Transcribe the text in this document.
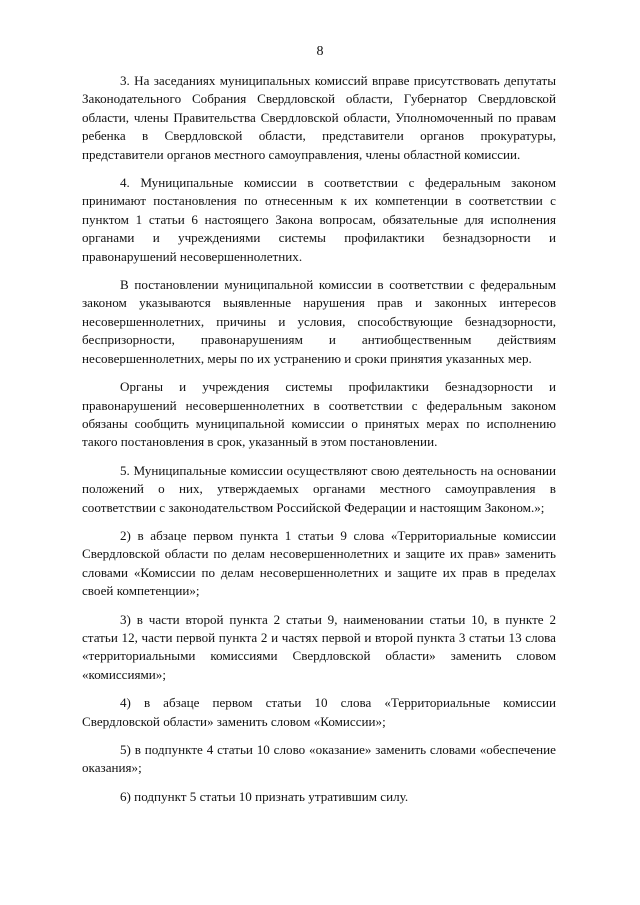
8

3. На заседаниях муниципальных комиссий вправе присутствовать депутаты Законодательного Собрания Свердловской области, Губернатор Свердловской области, члены Правительства Свердловской области, Уполномоченный по правам ребенка в Свердловской области, представители органов прокуратуры, представители органов местного самоуправления, члены областной комиссии.

4. Муниципальные комиссии в соответствии с федеральным законом принимают постановления по отнесенным к их компетенции в соответствии с пунктом 1 статьи 6 настоящего Закона вопросам, обязательные для исполнения органами и учреждениями системы профилактики безнадзорности и правонарушений несовершеннолетних.

В постановлении муниципальной комиссии в соответствии с федеральным законом указываются выявленные нарушения прав и законных интересов несовершеннолетних, причины и условия, способствующие безнадзорности, беспризорности, правонарушениям и антиобщественным действиям несовершеннолетних, меры по их устранению и сроки принятия указанных мер.

Органы и учреждения системы профилактики безнадзорности и правонарушений несовершеннолетних в соответствии с федеральным законом обязаны сообщить муниципальной комиссии о принятых мерах по исполнению такого постановления в срок, указанный в этом постановлении.

5. Муниципальные комиссии осуществляют свою деятельность на основании положений о них, утверждаемых органами местного самоуправления в соответствии с законодательством Российской Федерации и настоящим Законом.»;

2) в абзаце первом пункта 1 статьи 9 слова «Территориальные комиссии Свердловской области по делам несовершеннолетних и защите их прав» заменить словами «Комиссии по делам несовершеннолетних и защите их прав в пределах своей компетенции»;

3) в части второй пункта 2 статьи 9, наименовании статьи 10, в пункте 2 статьи 12, части первой пункта 2 и частях первой и второй пункта 3 статьи 13 слова «территориальными комиссиями Свердловской области» заменить словом «комиссиями»;

4) в абзаце первом статьи 10 слова «Территориальные комиссии Свердловской области» заменить словом «Комиссии»;

5) в подпункте 4 статьи 10 слово «оказание» заменить словами «обеспечение оказания»;

6) подпункт 5 статьи 10 признать утратившим силу.
